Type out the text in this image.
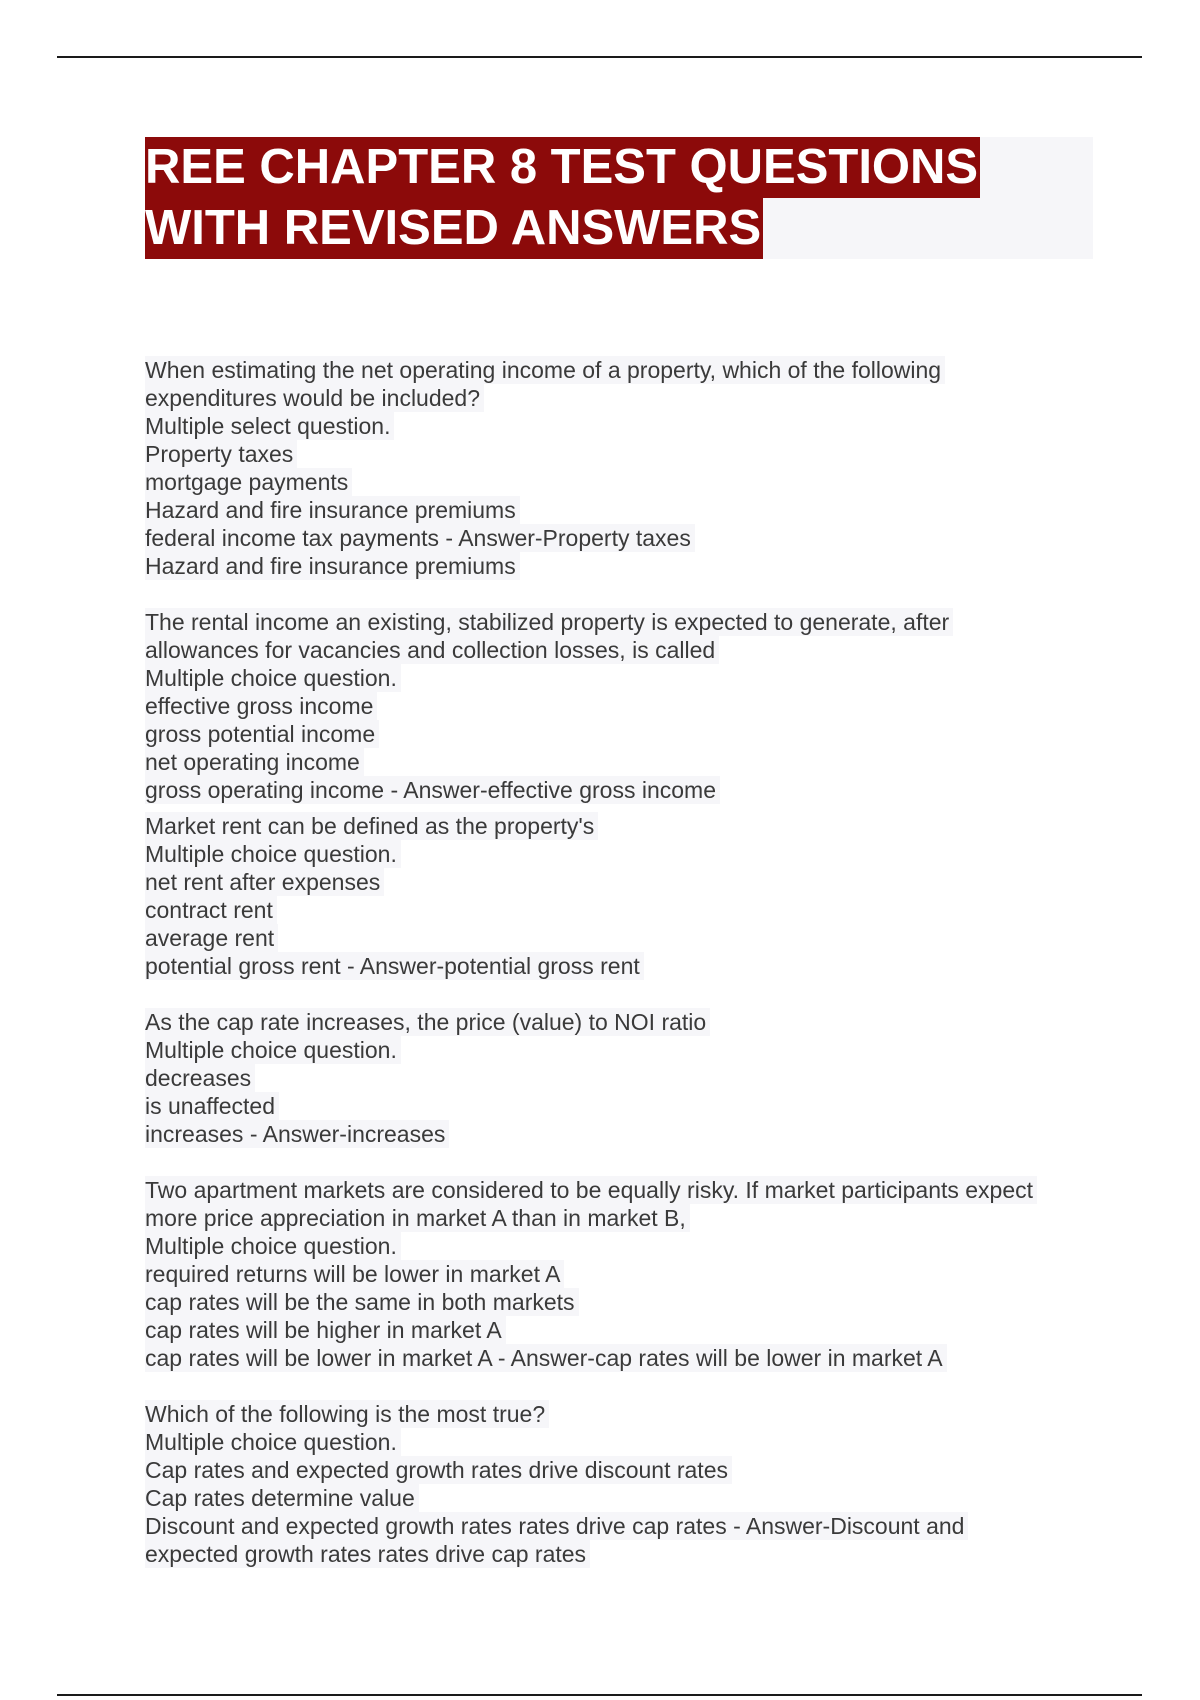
REE CHAPTER 8 TEST QUESTIONS
WITH REVISED ANSWERS
When estimating the net operating income of a property, which of the following
expenditures would be included?
Multiple select question.
Property taxes
mortgage payments
Hazard and fire insurance premiums
federal income tax payments - Answer-Property taxes
Hazard and fire insurance premiums
The rental income an existing, stabilized property is expected to generate, after
allowances for vacancies and collection losses, is called
Multiple choice question.
effective gross income
gross potential income
net operating income
gross operating income - Answer-effective gross income
Market rent can be defined as the property's
Multiple choice question.
net rent after expenses
contract rent
average rent
potential gross rent - Answer-potential gross rent
As the cap rate increases, the price (value) to NOI ratio
Multiple choice question.
decreases
is unaffected
increases - Answer-increases
Two apartment markets are considered to be equally risky. If market participants expect
more price appreciation in market A than in market B,
Multiple choice question.
required returns will be lower in market A
cap rates will be the same in both markets
cap rates will be higher in market A
cap rates will be lower in market A - Answer-cap rates will be lower in market A
Which of the following is the most true?
Multiple choice question.
Cap rates and expected growth rates drive discount rates
Cap rates determine value
Discount and expected growth rates rates drive cap rates - Answer-Discount and
expected growth rates rates drive cap rates
